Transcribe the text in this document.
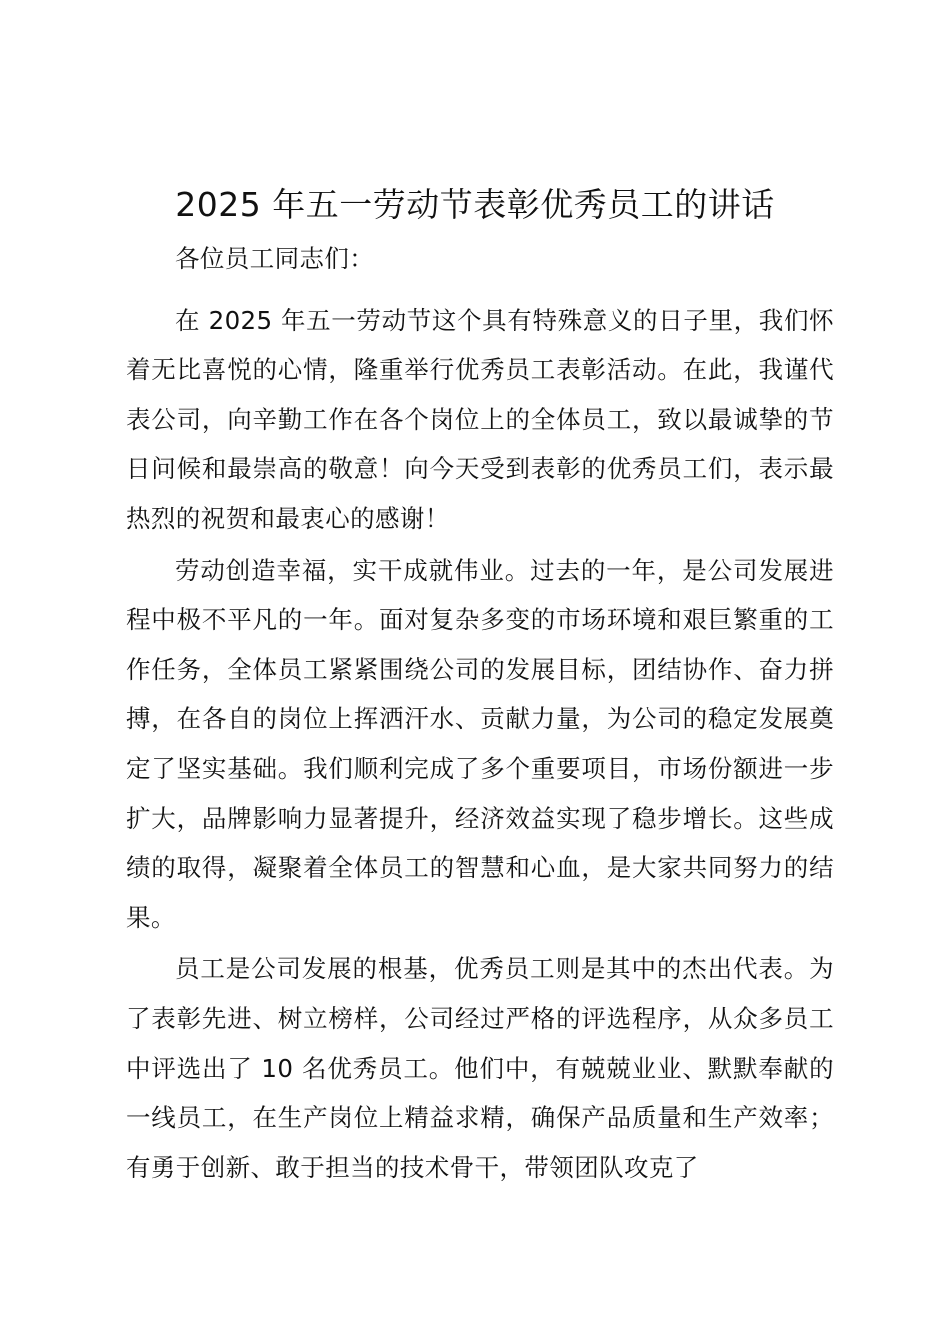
2025 年五一劳动节表彰优秀员工的讲话

各位员工同志们：

在 2025 年五一劳动节这个具有特殊意义的日子里，我们怀着无比喜悦的心情，隆重举行优秀员工表彰活动。在此，我谨代表公司，向辛勤工作在各个岗位上的全体员工，致以最诚挚的节日问候和最崇高的敬意！向今天受到表彰的优秀员工们，表示最热烈的祝贺和最衷心的感谢！

劳动创造幸福，实干成就伟业。过去的一年，是公司发展进程中极不平凡的一年。面对复杂多变的市场环境和艰巨繁重的工作任务，全体员工紧紧围绕公司的发展目标，团结协作、奋力拼搏，在各自的岗位上挥洒汗水、贡献力量，为公司的稳定发展奠定了坚实基础。我们顺利完成了多个重要项目，市场份额进一步扩大，品牌影响力显著提升，经济效益实现了稳步增长。这些成绩的取得，凝聚着全体员工的智慧和心血，是大家共同努力的结果。

员工是公司发展的根基，优秀员工则是其中的杰出代表。为了表彰先进、树立榜样，公司经过严格的评选程序，从众多员工中评选出了 10 名优秀员工。他们中，有兢兢业业、默默奉献的一线员工，在生产岗位上精益求精，确保产品质量和生产效率；有勇于创新、敢于担当的技术骨干，带领团队攻克了
